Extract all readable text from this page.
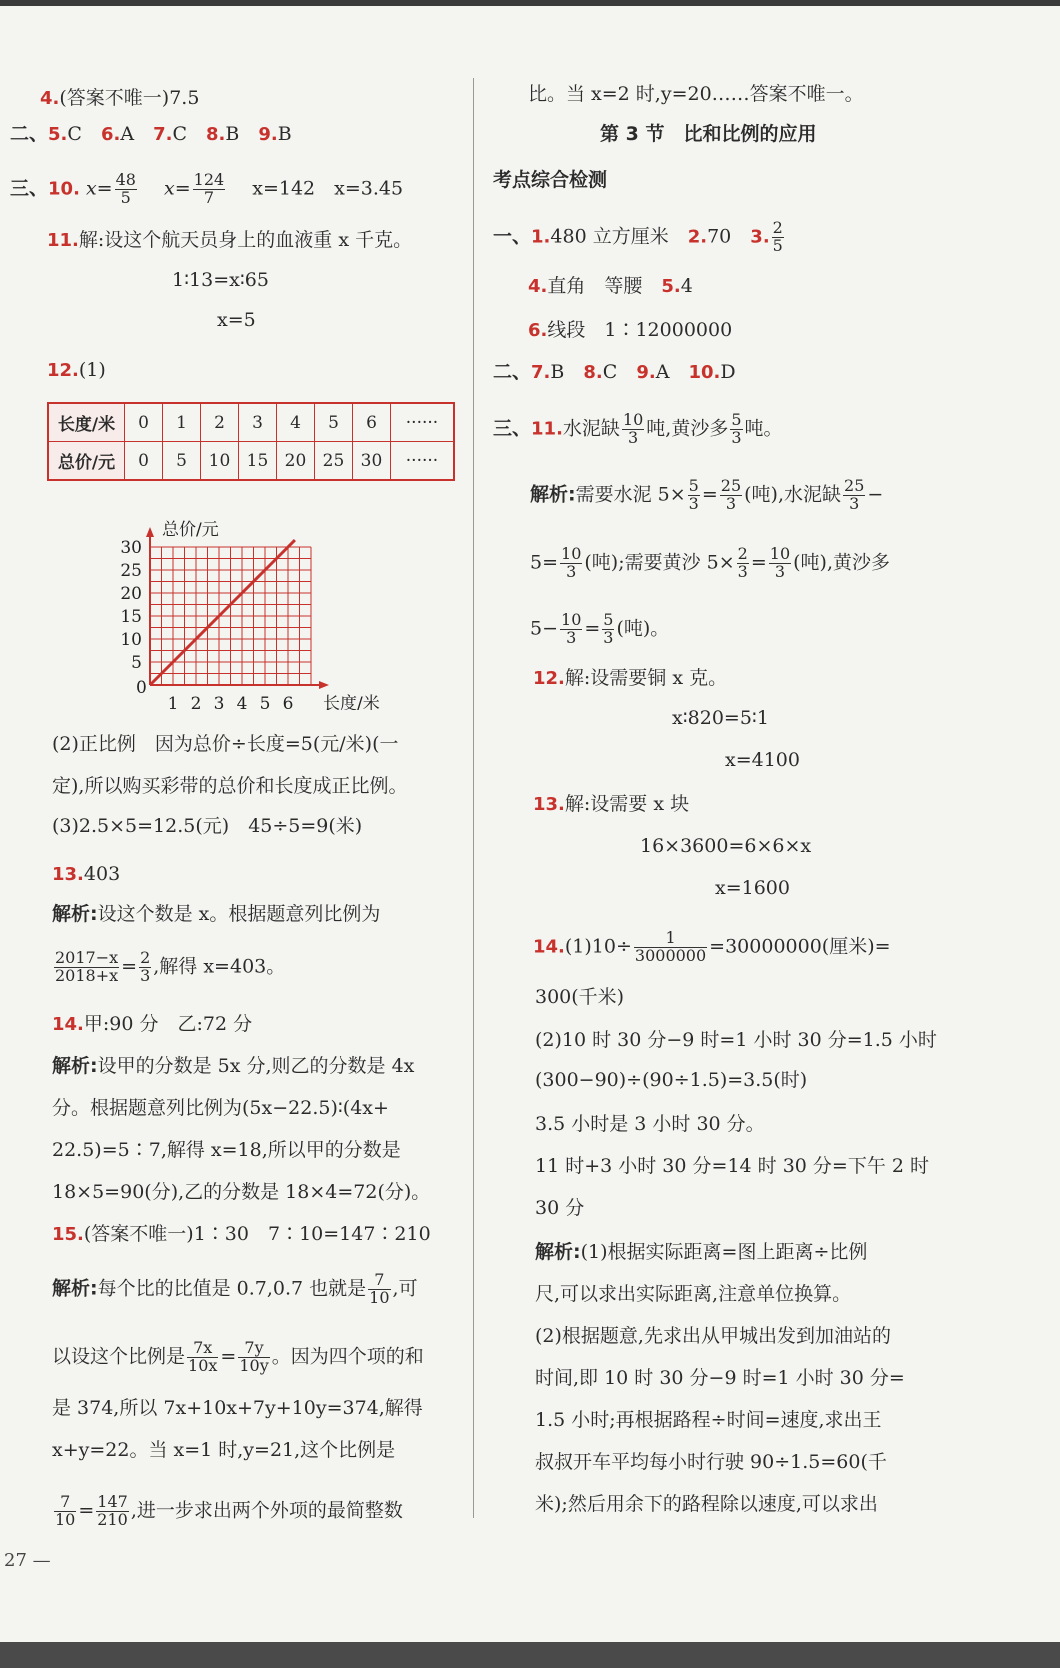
4.(答案不唯一)7.5
二、5.C　 6.A　 7.C　 8.B　 9.B
三、10. $x= \frac{48}{5}$
　 $x= \frac{124}{7}$
　 x=142　 x=3.45
11.解:设这个航天员身上的血液重 x 千克。
1∶13=x∶65
x=5
12.(1)
长度/米	0	1	2	3	4	5	6	······
总价/元	0	5	10	15	20	25	30	······
0
1 2 3 4 5 6
5
10
15
20
25
30
总价/元
长度/米
(2)正比例　因为总价÷长度=5(元/米)(一
定),所以购买彩带的总价和长度成正比例。
(3)2.5×5=12.5(元)　45÷5=9(米)
13.403
解析:设这个数是 x。根据题意列比例为
$\frac{2017-x}{2018+x} = \frac{2}{3}$ ,解得 x=403。
14.甲:90 分　乙:72 分
解析:设甲的分数是 5x 分,则乙的分数是 4x
分。根据题意列比例为(5x−22.5)∶(4x+
22.5)=5∶7,解得 x=18,所以甲的分数是
18×5=90(分),乙的分数是 18×4=72(分)。
15.(答案不唯一)1∶30　7∶10=147∶210
解析:每个比的比值是 0.7,0.7 也就是 $\frac{7}{10}$ ,可
以设这个比例是 $\frac{7x}{10x} = \frac{7y}{10y}$ 。因为四个项的和
是 374,所以 7x+10x+7y+10y=374,解得
x+y=22。当 x=1 时,y=21,这个比例是
$\frac{7}{10} = \frac{147}{210}$ ,进一步求出两个外项的最简整数
比。当 x=2 时,y=20……答案不唯一。
第 3 节　比和比例的应用
考点综合检测
一、1.480 立方厘米　 2.70　 3. $\frac{2}{5}$
4.直角　等腰　 5.4
6.线段　1∶12000000
二、7.B　 8.C　 9.A　 10.D
三、11.水泥缺 $\frac{10}{3}$ 吨,黄沙多 $\frac{5}{3}$ 吨。
解析:需要水泥 $5\times \frac{5}{3} = \frac{25}{3}$ (吨),水泥缺 $\frac{25}{3}$ −
$5= \frac{10}{3}$ (吨);需要黄沙 $5\times \frac{2}{3} = \frac{10}{3}$ (吨),黄沙多
$5- \frac{10}{3} = \frac{5}{3}$ (吨)。
12.解:设需要铜 x 克。
x∶820=5∶1
x=4100
13.解:设需要 x 块
16×3600=6×6×x
x=1600
$14.(1)10\div \frac{1}{3000000} =30000000$(厘米)=
300(千米)
(2)10 时 30 分−9 时=1 小时 30 分=1.5 小时
(300−90)÷(90÷1.5)=3.5(时)
3.5 小时是 3 小时 30 分。
11 时+3 小时 30 分=14 时 30 分=下午 2 时
30 分
解析:(1)根据实际距离=图上距离÷比例
尺,可以求出实际距离,注意单位换算。
(2)根据题意,先求出从甲城出发到加油站的
时间,即 10 时 30 分−9 时=1 小时 30 分=
1.5 小时;再根据路程÷时间=速度,求出王
叔叔开车平均每小时行驶 90÷1.5=60(千
米);然后用余下的路程除以速度,可以求出
27 —
